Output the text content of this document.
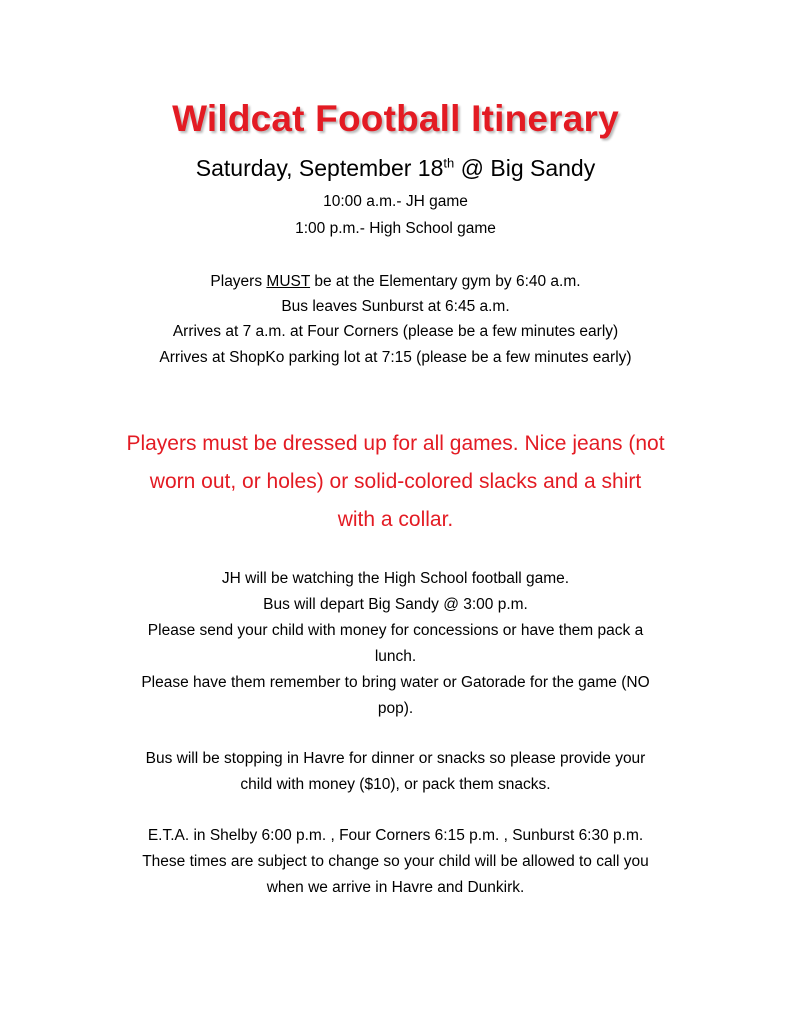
Wildcat Football Itinerary
Saturday, September 18th @ Big Sandy
10:00 a.m.- JH game
1:00 p.m.- High School game
Players MUST be at the Elementary gym by 6:40 a.m.
Bus leaves Sunburst at 6:45 a.m.
Arrives at 7 a.m. at Four Corners (please be a few minutes early)
Arrives at ShopKo parking lot at 7:15 (please be a few minutes early)
Players must be dressed up for all games. Nice jeans (not
worn out, or holes) or solid-colored slacks and a shirt
with a collar.
JH will be watching the High School football game.
Bus will depart Big Sandy @ 3:00 p.m.
Please send your child with money for concessions or have them pack a
lunch.
Please have them remember to bring water or Gatorade for the game (NO
pop).
Bus will be stopping in Havre for dinner or snacks so please provide your
child with money ($10), or pack them snacks.
E.T.A. in Shelby 6:00 p.m. , Four Corners 6:15 p.m. , Sunburst 6:30 p.m.
These times are subject to change so your child will be allowed to call you
when we arrive in Havre and Dunkirk.
